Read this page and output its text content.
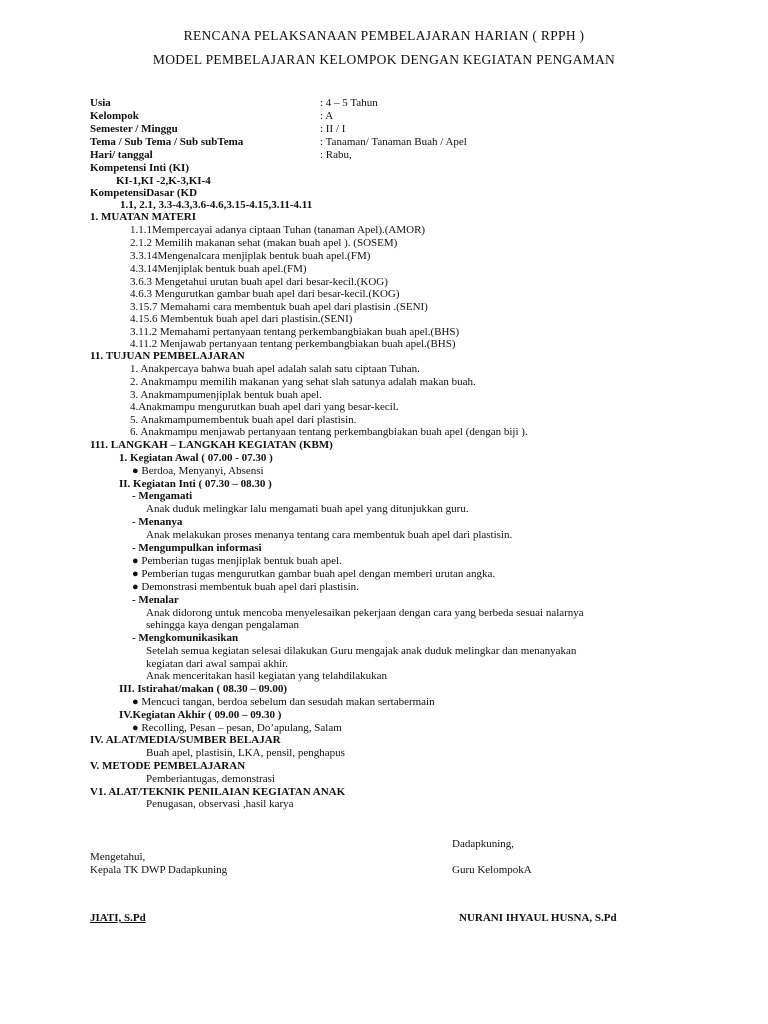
RENCANA PELAKSANAAN PEMBELAJARAN HARIAN ( RPPH )
MODEL PEMBELAJARAN KELOMPOK DENGAN KEGIATAN PENGAMAN
Usia	: 4 – 5 Tahun
Kelompok	: A
Semester / Minggu	: II / I
Tema / Sub Tema / Sub subTema	: Tanaman/ Tanaman Buah / Apel
Hari/ tanggal	: Rabu,
Kompetensi Inti (KI)
KI-1,KI -2,K-3,KI-4
KompetensiDasar (KD
1.1, 2.1, 3.3-4.3,3.6-4.6,3.15-4.15,3.11-4.11
1. MUATAN MATERI
1.1.1Mempercayai adanya ciptaan Tuhan (tanaman Apel).(AMOR)
2.1.2 Memilih makanan sehat (makan buah apel ). (SOSEM)
3.3.14Mengenalcara menjiplak bentuk buah apel.(FM)
4.3.14Menjiplak bentuk buah apel.(FM)
3.6.3 Mengetahui urutan buah apel dari besar-kecil.(KOG)
4.6.3 Mengurutkan gambar buah apel dari besar-kecil.(KOG)
3.15.7 Memahami cara membentuk buah apel dari plastisin .(SENI)
4.15.6 Membentuk buah apel dari plastisin.(SENI)
3.11.2 Memahami pertanyaan tentang perkembangbiakan buah apel.(BHS)
4.11.2 Menjawab pertanyaan tentang perkembangbiakan buah apel.(BHS)
11. TUJUAN PEMBELAJARAN
1. Anakpercaya bahwa buah apel adalah salah satu ciptaan Tuhan.
2. Anakmampu memilih makanan yang sehat slah satunya adalah makan buah.
3. Anakmampumenjiplak bentuk buah apel.
4.Anakmampu mengurutkan buah apel dari yang besar-kecil.
5. Anakmampumembentuk buah apel dari plastisin.
6. Anakmampu menjawab pertanyaan tentang perkembangbiakan buah apel (dengan biji ).
111. LANGKAH – LANGKAH KEGIATAN (KBM)
1. Kegiatan Awal ( 07.00 - 07.30 )
● Berdoa, Menyanyi, Absensi
II. Kegiatan Inti ( 07.30 – 08.30 )
- Mengamati
Anak duduk melingkar lalu mengamati buah apel yang ditunjukkan guru.
- Menanya
Anak melakukan proses menanya tentang cara membentuk buah apel dari plastisin.
- Mengumpulkan informasi
● Pemberian tugas menjiplak bentuk buah apel.
● Pemberian tugas mengurutkan gambar buah apel dengan memberi urutan angka.
● Demonstrasi membentuk buah apel dari plastisin.
- Menalar
Anak didorong untuk mencoba menyelesaikan pekerjaan dengan cara yang berbeda sesuai nalarnya
sehingga kaya dengan pengalaman
- Mengkomunikasikan
Setelah semua kegiatan selesai dilakukan Guru mengajak anak duduk melingkar dan menanyakan
kegiatan dari awal sampai akhir.
Anak menceritakan hasil kegiatan yang telahdilakukan
III. Istirahat/makan ( 08.30 – 09.00)
● Mencuci tangan, berdoa sebelum dan sesudah makan sertabermain
IV.Kegiatan Akhir ( 09.00 – 09.30 )
● Recolling, Pesan – pesan, Do’apulang, Salam
IV. ALAT/MEDIA/SUMBER BELAJAR
Buah apel, plastisin, LKA, pensil, penghapus
V. METODE PEMBELAJARAN
Pemberiantugas, demonstrasi
V1. ALAT/TEKNIK PENILAIAN KEGIATAN ANAK
Penugasan, observasi ,hasil karya
Dadapkuning,
Mengetahui,
Kepala TK DWP Dadapkuning	Guru KelompokA
JIATI, S.Pd	NURANI IHYAUL HUSNA, S.Pd
